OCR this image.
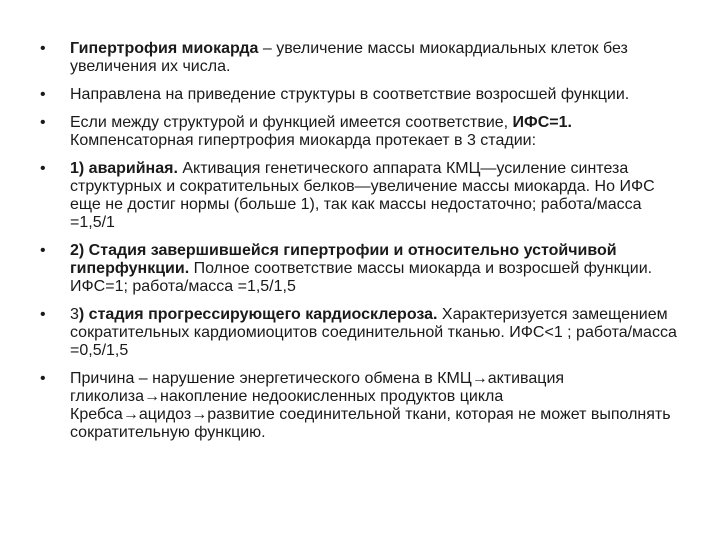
• Гипертрофия миокарда – увеличение массы миокардиальных клеток без увеличения их числа.
• Направлена на приведение структуры в соответствие возросшей функции.
• Если между структурой и функцией имеется соответствие, ИФС=1. Компенсаторная гипертрофия миокарда протекает в 3 стадии:
• 1) аварийная. Активация генетического аппарата КМЦ—усиление синтеза структурных и сократительных белков—увеличение массы миокарда. Но ИФС еще не достиг нормы (больше 1), так как массы недостаточно; работа/масса =1,5/1
• 2) Стадия завершившейся гипертрофии и относительно устойчивой гиперфункции. Полное соответствие массы миокарда и возросшей функции. ИФС=1; работа/масса =1,5/1,5
• 3) стадия прогрессирующего кардиосклероза. Характеризуется замещением сократительных кардиомиоцитов соединительной тканью. ИФС<1 ; работа/масса =0,5/1,5
• Причина – нарушение энергетического обмена в КМЦ→активация гликолиза→накопление недоокисленных продуктов цикла Кребса→ацидоз→развитие соединительной ткани, которая не может выполнять сократительную функцию.
